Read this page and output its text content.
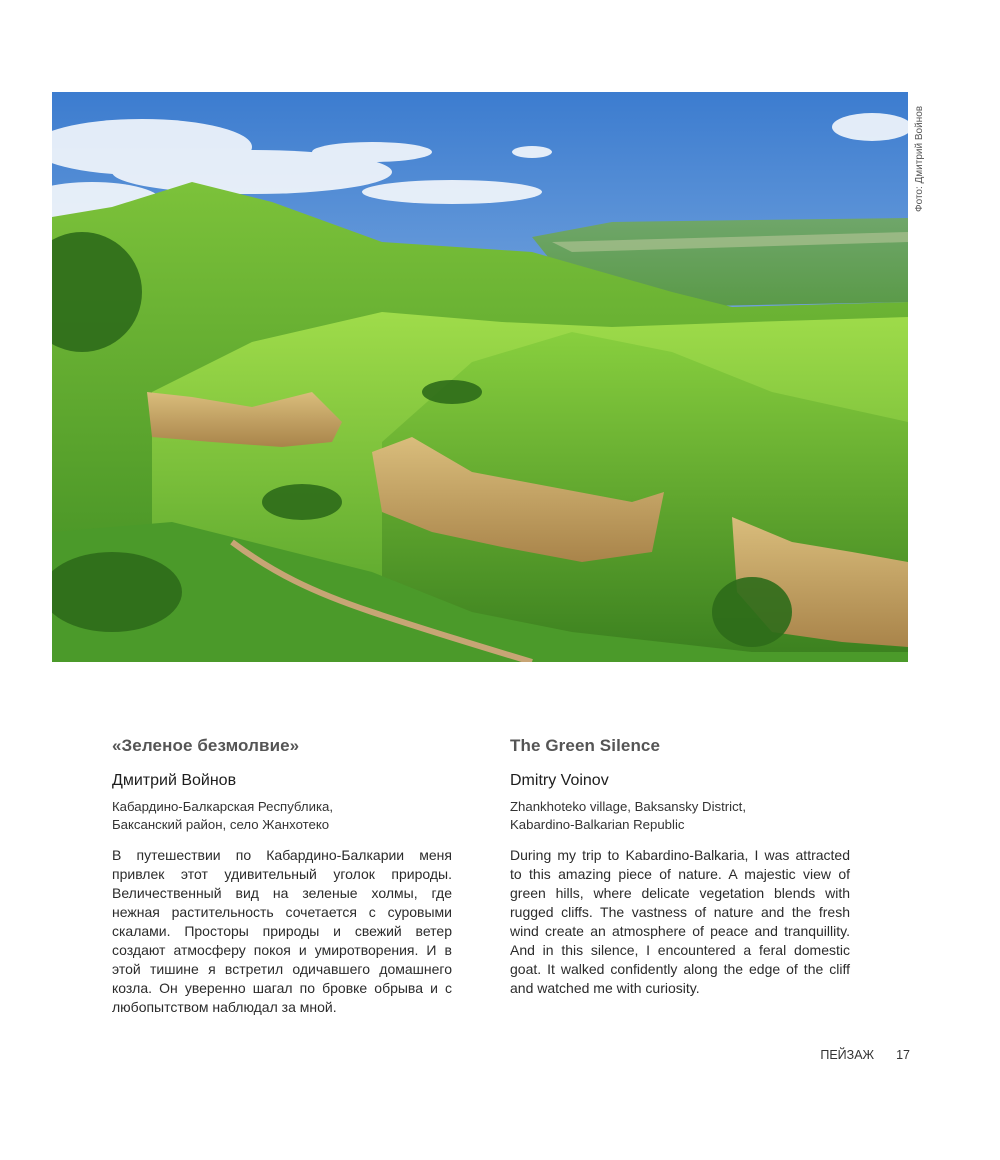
Фото: Дмитрий Войнов
«Зеленое безмолвие»
Дмитрий Войнов
Кабардино-Балкарская Республика,
Баксанский район, село Жанхотеко

В путешествии по Кабардино-Балкарии меня привлек этот удивительный уголок природы. Величественный вид на зеленые холмы, где нежная растительность сочетается с суровыми скалами. Просторы природы и свежий ветер создают атмосферу покоя и умиротворения. И в этой тишине я встретил одичавшего домашнего козла. Он уверенно шагал по бровке обрыва и с любопытством наблюдал за мной.

The Green Silence
Dmitry Voinov
Zhankhoteko village, Baksansky District,
Kabardino-Balkarian Republic

During my trip to Kabardino-Balkaria, I was attracted to this amazing piece of nature. A majestic view of green hills, where delicate vegetation blends with rugged cliffs. The vastness of nature and the fresh wind create an atmosphere of peace and tranquillity. And in this silence, I encountered a feral domestic goat. It walked confidently along the edge of the cliff and watched me with curiosity.

ПЕЙЗАЖ 17
